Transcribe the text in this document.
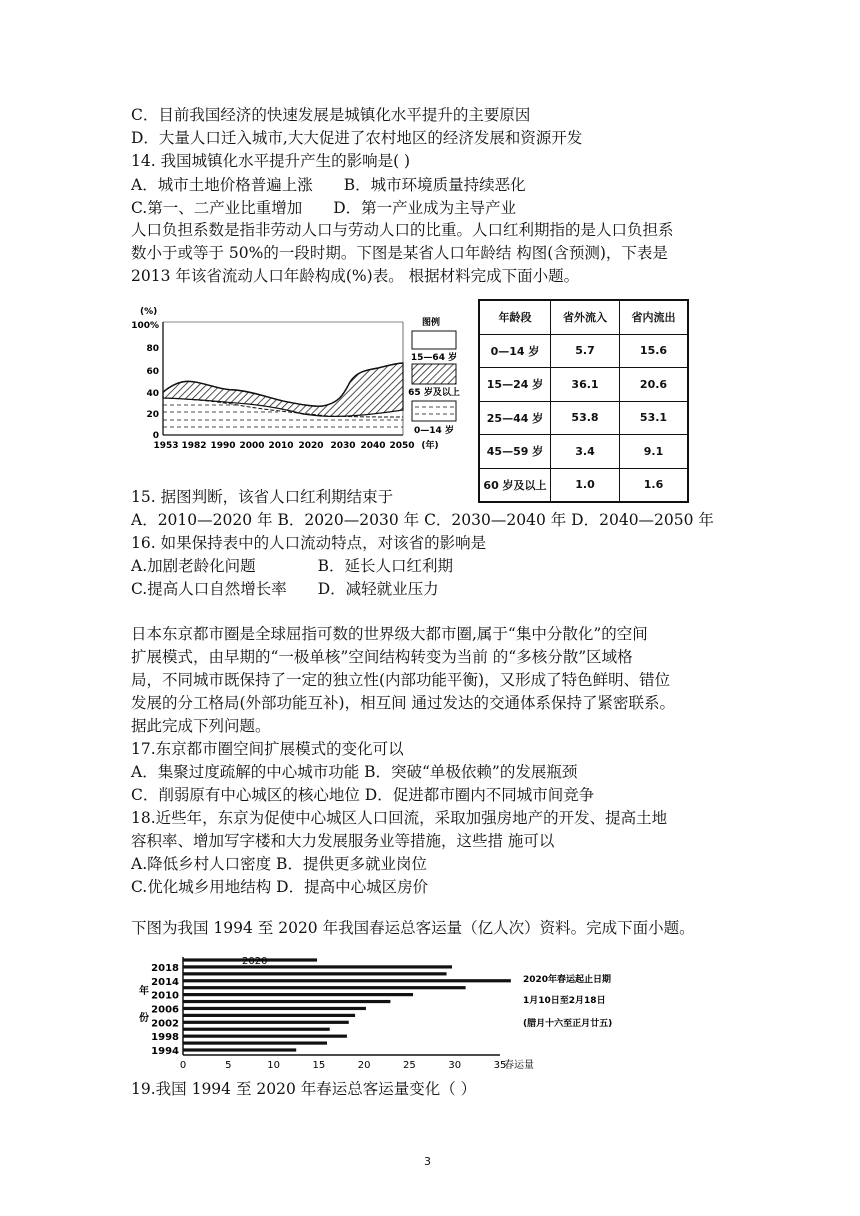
C．目前我国经济的快速发展是城镇化水平提升的主要原因
D．大量人口迁入城市,大大促进了农村地区的经济发展和资源开发
14. 我国城镇化水平提升产生的影响是( )
A．城市土地价格普遍上涨　　B．城市环境质量持续恶化
C.第一、二产业比重增加　　D．第一产业成为主导产业
人口负担系数是指非劳动人口与劳动人口的比重。人口红利期指的是人口负担系
数小于或等于 50%的一段时期。下图是某省人口年龄结 构图(含预测)，下表是
2013 年该省流动人口年龄构成(%)表。 根据材料完成下面小题。
(%)
100%
80
60
40
20
0
1953 1982 1990 2000 2010 2020 2030 2040 2050 (年)
图例
15—64 岁
65 岁及以上
0—14 岁
年龄段	省外流入	省内流出
0—14 岁	5.7	15.6
15—24 岁	36.1	20.6
25—44 岁	53.8	53.1
45—59 岁	3.4	9.1
60 岁及以上	1.0	1.6
15. 据图判断，该省人口红利期结束于
A．2010—2020 年 B．2020—2030 年 C．2030—2040 年 D．2040—2050 年
16. 如果保持表中的人口流动特点，对该省的影响是
A.加剧老龄化问题　　　　B．延长人口红利期
C.提高人口自然增长率　　D．减轻就业压力
日本东京都市圈是全球屈指可数的世界级大都市圈,属于“集中分散化”的空间
扩展模式，由早期的“一极单核”空间结构转变为当前 的“多核分散”区域格
局，不同城市既保持了一定的独立性(内部功能平衡)，又形成了特色鲜明、错位
发展的分工格局(外部功能互补)，相互间 通过发达的交通体系保持了紧密联系。
据此完成下列问题。
17.东京都市圈空间扩展模式的变化可以
A．集聚过度疏解的中心城市功能 B．突破“单极依赖”的发展瓶颈
C．削弱原有中心城区的核心地位 D．促进都市圈内不同城市间竞争
18.近些年，东京为促使中心城区人口回流，采取加强房地产的开发、提高土地
容积率、增加写字楼和大力发展服务业等措施，这些措 施可以
A.降低乡村人口密度 B．提供更多就业岗位
C.优化城乡用地结构 D．提高中心城区房价
下图为我国 1994 至 2020 年我国春运总客运量（亿人次）资料。完成下面小题。
0	5	10	15	20	25	30	35
2018
2014
2010
2006
2002
1998
1994
2020
春运量
年
份
2020年春运起止日期
1月10日至2月18日
(腊月十六至正月廿五)
19.我国 1994 至 2020 年春运总客运量变化（ ）
3
